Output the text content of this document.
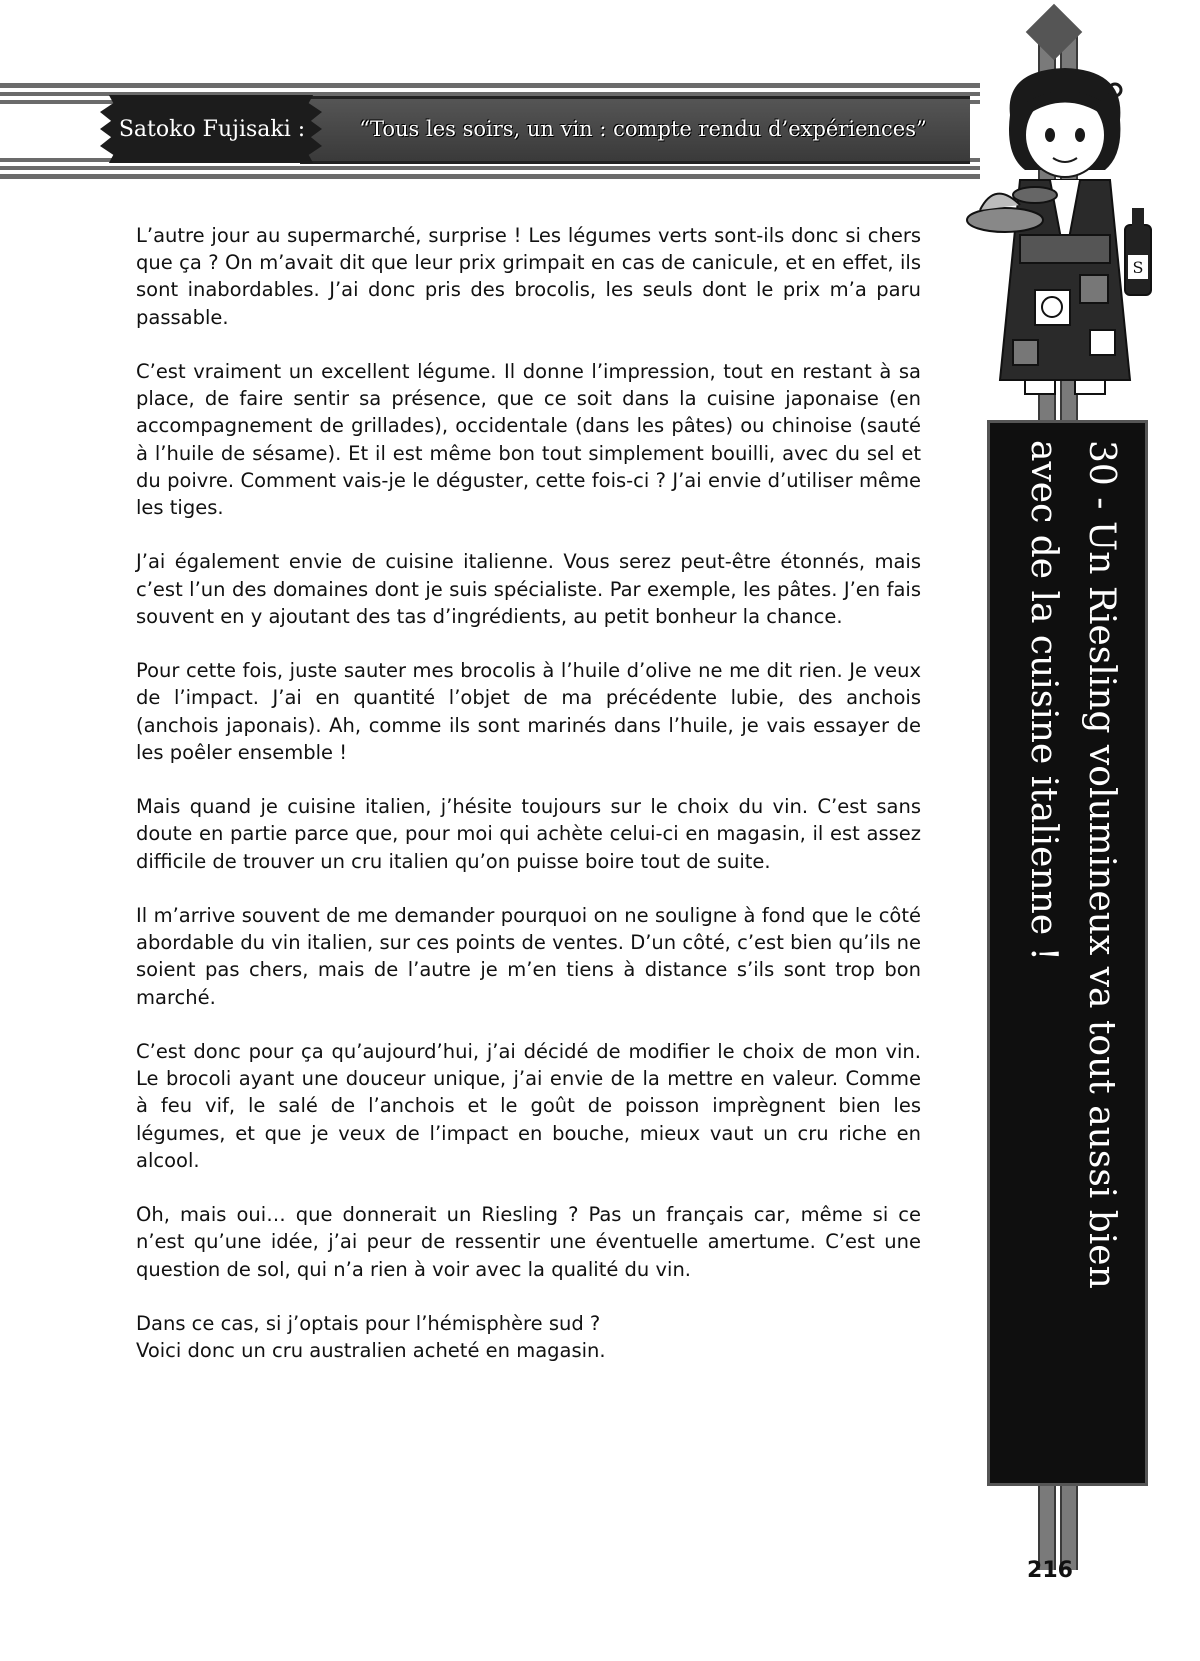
Satoko Fujisaki :	“Tous les soirs, un vin : compte rendu d’expériences”
S
30 - Un Riesling volumineux va tout aussi bien
avec de la cuisine italienne !

L’autre jour au supermarché, surprise ! Les légumes verts sont-ils donc si chers que ça ? On m’avait dit que leur prix grimpait en cas de canicule, et en effet, ils sont inabordables. J’ai donc pris des brocolis, les seuls dont le prix m’a paru passable.

C’est vraiment un excellent légume. Il donne l’impression, tout en restant à sa place, de faire sentir sa présence, que ce soit dans la cuisine japonaise (en accompagnement de grillades), occidentale (dans les pâtes) ou chinoise (sauté à l’huile de sésame). Et il est même bon tout simplement bouilli, avec du sel et du poivre. Comment vais-je le déguster, cette fois-ci ? J’ai envie d’utiliser même les tiges.

J’ai également envie de cuisine italienne. Vous serez peut-être étonnés, mais c’est l’un des domaines dont je suis spécialiste. Par exemple, les pâtes. J’en fais souvent en y ajoutant des tas d’ingrédients, au petit bonheur la chance.

Pour cette fois, juste sauter mes brocolis à l’huile d’olive ne me dit rien. Je veux de l’impact. J’ai en quantité l’objet de ma précédente lubie, des anchois (anchois japonais). Ah, comme ils sont marinés dans l’huile, je vais essayer de les poêler ensemble !

Mais quand je cuisine italien, j’hésite toujours sur le choix du vin. C’est sans doute en partie parce que, pour moi qui achète celui-ci en magasin, il est assez difficile de trouver un cru italien qu’on puisse boire tout de suite.

Il m’arrive souvent de me demander pourquoi on ne souligne à fond que le côté abordable du vin italien, sur ces points de ventes. D’un côté, c’est bien qu’ils ne soient pas chers, mais de l’autre je m’en tiens à distance s’ils sont trop bon marché.

C’est donc pour ça qu’aujourd’hui, j’ai décidé de modifier le choix de mon vin. Le brocoli ayant une douceur unique, j’ai envie de la mettre en valeur. Comme à feu vif, le salé de l’anchois et le goût de poisson imprègnent bien les légumes, et que je veux de l’impact en bouche, mieux vaut un cru riche en alcool.

Oh, mais oui… que donnerait un Riesling ? Pas un français car, même si ce n’est qu’une idée, j’ai peur de ressentir une éventuelle amertume. C’est une question de sol, qui n’a rien à voir avec la qualité du vin.

Dans ce cas, si j’optais pour l’hémisphère sud ?
Voici donc un cru australien acheté en magasin.

216
